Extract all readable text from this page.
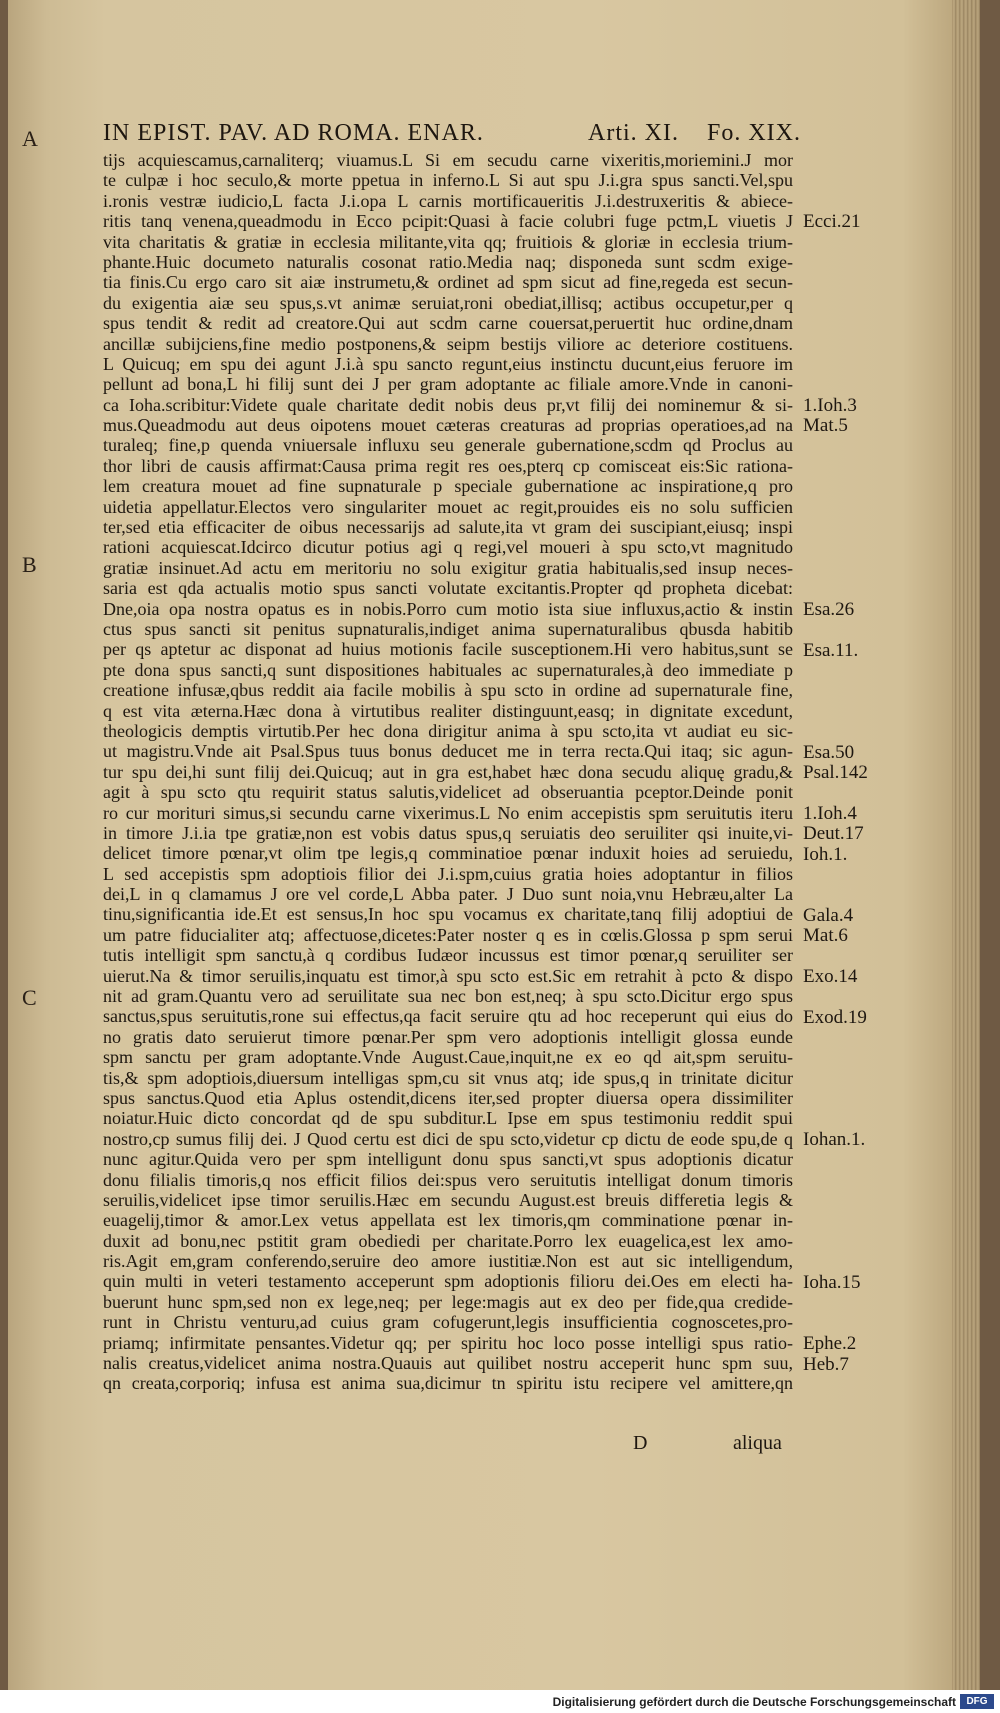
IN EPIST. PAV. AD ROMA. ENAR.	Arti. XI. Fo. XIX.
A
B
C
tijs acquiescamus,carnaliterq; viuamus.L Si em secudu carne vixeritis,moriemini.J mor
te culpæ i hoc seculo,& morte ppetua in inferno.L Si aut spu J.i.gra spus sancti.Vel,spu
i.ronis vestræ iudicio,L facta J.i.opa L carnis mortificaueritis J.i.destruxeritis & abiece-
ritis tanq venena,queadmodu in Ecco pcipit:Quasi à facie colubri fuge pctm,L viuetis J
vita charitatis & gratiæ in ecclesia militante,vita qq; fruitiois & gloriæ in ecclesia trium-
phante.Huic documeto naturalis cosonat ratio.Media naq; disponeda sunt scdm exige-
tia finis.Cu ergo caro sit aiæ instrumetu,& ordinet ad spm sicut ad fine,regeda est secun-
du exigentia aiæ seu spus,s.vt animæ seruiat,roni obediat,illisq; actibus occupetur,per q
spus tendit & redit ad creatore.Qui aut scdm carne couersat,peruertit huc ordine,dnam
ancillæ subijciens,fine medio postponens,& seipm bestijs viliore ac deteriore costituens.
L Quicuq; em spu dei agunt J.i.à spu sancto regunt,eius instinctu ducunt,eius feruore im
pellunt ad bona,L hi filij sunt dei J per gram adoptante ac filiale amore.Vnde in canoni-
ca Ioha.scribitur:Videte quale charitate dedit nobis deus pr,vt filij dei nominemur & si-
mus.Queadmodu aut deus oipotens mouet cæteras creaturas ad proprias operatioes,ad na
turaleq; fine,p quenda vniuersale influxu seu generale gubernatione,scdm qd Proclus au
thor libri de causis affirmat:Causa prima regit res oes,pterq cp comisceat eis:Sic rationa-
lem creatura mouet ad fine supnaturale p speciale gubernatione ac inspiratione,q pro
uidetia appellatur.Electos vero singulariter mouet ac regit,prouides eis no solu sufficien
ter,sed etia efficaciter de oibus necessarijs ad salute,ita vt gram dei suscipiant,eiusq; inspi
rationi acquiescat.Idcirco dicutur potius agi q regi,vel moueri à spu scto,vt magnitudo
gratiæ insinuet.Ad actu em meritoriu no solu exigitur gratia habitualis,sed insup neces-
saria est qda actualis motio spus sancti volutate excitantis.Propter qd propheta dicebat:
Dne,oia opa nostra opatus es in nobis.Porro cum motio ista siue influxus,actio & instin
ctus spus sancti sit penitus supnaturalis,indiget anima supernaturalibus qbusda habitib
per qs aptetur ac disponat ad huius motionis facile susceptionem.Hi vero habitus,sunt se
pte dona spus sancti,q sunt dispositiones habituales ac supernaturales,à deo immediate p
creatione infusæ,qbus reddit aia facile mobilis à spu scto in ordine ad supernaturale fine,
q est vita æterna.Hæc dona à virtutibus realiter distinguunt,easq; in dignitate excedunt,
theologicis demptis virtutib.Per hec dona dirigitur anima à spu scto,ita vt audiat eu sic-
ut magistru.Vnde ait Psal.Spus tuus bonus deducet me in terra recta.Qui itaq; sic agun-
tur spu dei,hi sunt filij dei.Quicuq; aut in gra est,habet hæc dona secudu aliquę gradu,&
agit à spu scto qtu requirit status salutis,videlicet ad obseruantia pceptor.Deinde ponit
ro cur morituri simus,si secundu carne vixerimus.L No enim accepistis spm seruitutis iteru
in timore J.i.ia tpe gratiæ,non est vobis datus spus,q seruiatis deo seruiliter qsi inuite,vi-
delicet timore pœnar,vt olim tpe legis,q comminatioe pœnar induxit hoies ad seruiedu,
L sed accepistis spm adoptiois filior dei J.i.spm,cuius gratia hoies adoptantur in filios
dei,L in q clamamus J ore vel corde,L Abba pater. J Duo sunt noia,vnu Hebræu,alter La
tinu,significantia ide.Et est sensus,In hoc spu vocamus ex charitate,tanq filij adoptiui de
um patre fiducialiter atq; affectuose,dicetes:Pater noster q es in cœlis.Glossa p spm serui
tutis intelligit spm sanctu,à q cordibus Iudæor incussus est timor pœnar,q seruiliter ser
uierut.Na & timor seruilis,inquatu est timor,à spu scto est.Sic em retrahit à pcto & dispo
nit ad gram.Quantu vero ad seruilitate sua nec bon est,neq; à spu scto.Dicitur ergo spus
sanctus,spus seruitutis,rone sui effectus,qa facit seruire qtu ad hoc receperunt qui eius do
no gratis dato seruierut timore pœnar.Per spm vero adoptionis intelligit glossa eunde
spm sanctu per gram adoptante.Vnde August.Caue,inquit,ne ex eo qd ait,spm seruitu-
tis,& spm adoptiois,diuersum intelligas spm,cu sit vnus atq; ide spus,q in trinitate dicitur
spus sanctus.Quod etia Aplus ostendit,dicens iter,sed propter diuersa opera dissimiliter
noiatur.Huic dicto concordat qd de spu subditur.L Ipse em spus testimoniu reddit spui
nostro,cp sumus filij dei. J Quod certu est dici de spu scto,videtur cp dictu de eode spu,de q
nunc agitur.Quida vero per spm intelligunt donu spus sancti,vt spus adoptionis dicatur
donu filialis timoris,q nos efficit filios dei:spus vero seruitutis intelligat donum timoris
seruilis,videlicet ipse timor seruilis.Hæc em secundu August.est breuis differetia legis &
euagelij,timor & amor.Lex vetus appellata est lex timoris,qm comminatione pœnar in-
duxit ad bonu,nec pstitit gram obediedi per charitate.Porro lex euagelica,est lex amo-
ris.Agit em,gram conferendo,seruire deo amore iustitiæ.Non est aut sic intelligendum,
quin multi in veteri testamento acceperunt spm adoptionis filioru dei.Oes em electi ha-
buerunt hunc spm,sed non ex lege,neq; per lege:magis aut ex deo per fide,qua credide-
runt in Christu venturu,ad cuius gram cofugerunt,legis insufficientia cognoscetes,pro-
priamq; infirmitate pensantes.Videtur qq; per spiritu hoc loco posse intelligi spus ratio-
nalis creatus,videlicet anima nostra.Quauis aut quilibet nostru acceperit hunc spm suu,
qn creata,corporiq; infusa est anima sua,dicimur tn spiritu istu recipere vel amittere,qn
Ecci.21
1.Ioh.3
Mat.5
Esa.26
Esa.11.
Esa.50
Psal.142
1.Ioh.4
Deut.17
Ioh.1.
Gala.4
Mat.6
Exo.14
Exod.19
Iohan.1.
Ioha.15
Ephe.2
Heb.7
D	aliqua
Digitalisierung gefördert durch die Deutsche Forschungsgemeinschaft	DFG
